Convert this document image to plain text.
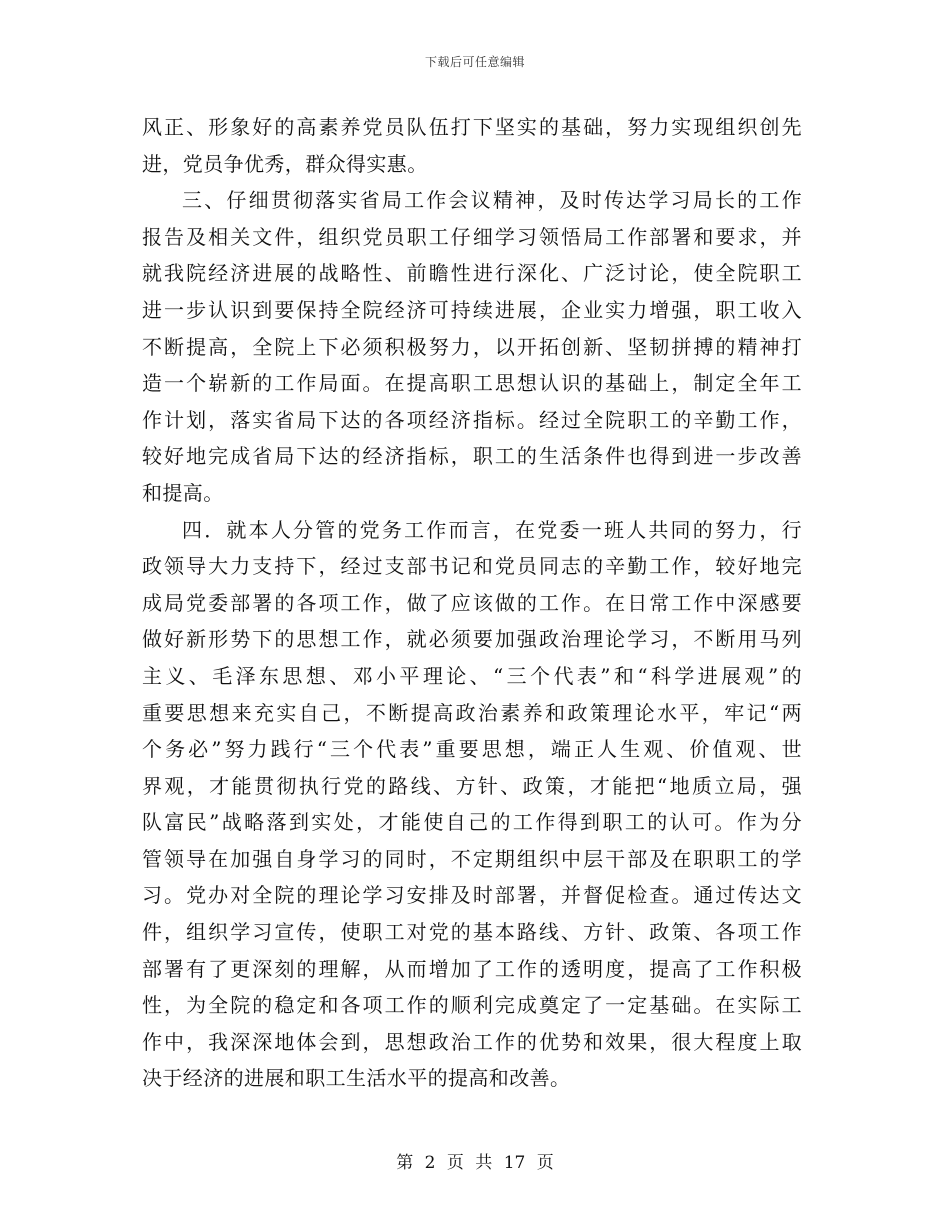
下载后可任意编辑
风正、形象好的高素养党员队伍打下坚实的基础，努力实现组织创先
进，党员争优秀，群众得实惠。
三、仔细贯彻落实省局工作会议精神，及时传达学习局长的工作
报告及相关文件，组织党员职工仔细学习领悟局工作部署和要求，并
就我院经济进展的战略性、前瞻性进行深化、广泛讨论，使全院职工
进一步认识到要保持全院经济可持续进展，企业实力增强，职工收入
不断提高，全院上下必须积极努力，以开拓创新、坚韧拼搏的精神打
造一个崭新的工作局面。在提高职工思想认识的基础上，制定全年工
作计划，落实省局下达的各项经济指标。经过全院职工的辛勤工作，
较好地完成省局下达的经济指标，职工的生活条件也得到进一步改善
和提高。
四．就本人分管的党务工作而言，在党委一班人共同的努力，行
政领导大力支持下，经过支部书记和党员同志的辛勤工作，较好地完
成局党委部署的各项工作，做了应该做的工作。在日常工作中深感要
做好新形势下的思想工作，就必须要加强政治理论学习，不断用马列
主义、毛泽东思想、邓小平理论、“三个代表”和“科学进展观”的
重要思想来充实自己，不断提高政治素养和政策理论水平，牢记“两
个务必”努力践行“三个代表”重要思想，端正人生观、价值观、世
界观，才能贯彻执行党的路线、方针、政策，才能把“地质立局，强
队富民”战略落到实处，才能使自己的工作得到职工的认可。作为分
管领导在加强自身学习的同时，不定期组织中层干部及在职职工的学
习。党办对全院的理论学习安排及时部署，并督促检查。通过传达文
件，组织学习宣传，使职工对党的基本路线、方针、政策、各项工作
部署有了更深刻的理解，从而增加了工作的透明度，提高了工作积极
性，为全院的稳定和各项工作的顺利完成奠定了一定基础。在实际工
作中，我深深地体会到，思想政治工作的优势和效果，很大程度上取
决于经济的进展和职工生活水平的提高和改善。
第 2 页 共 17 页
